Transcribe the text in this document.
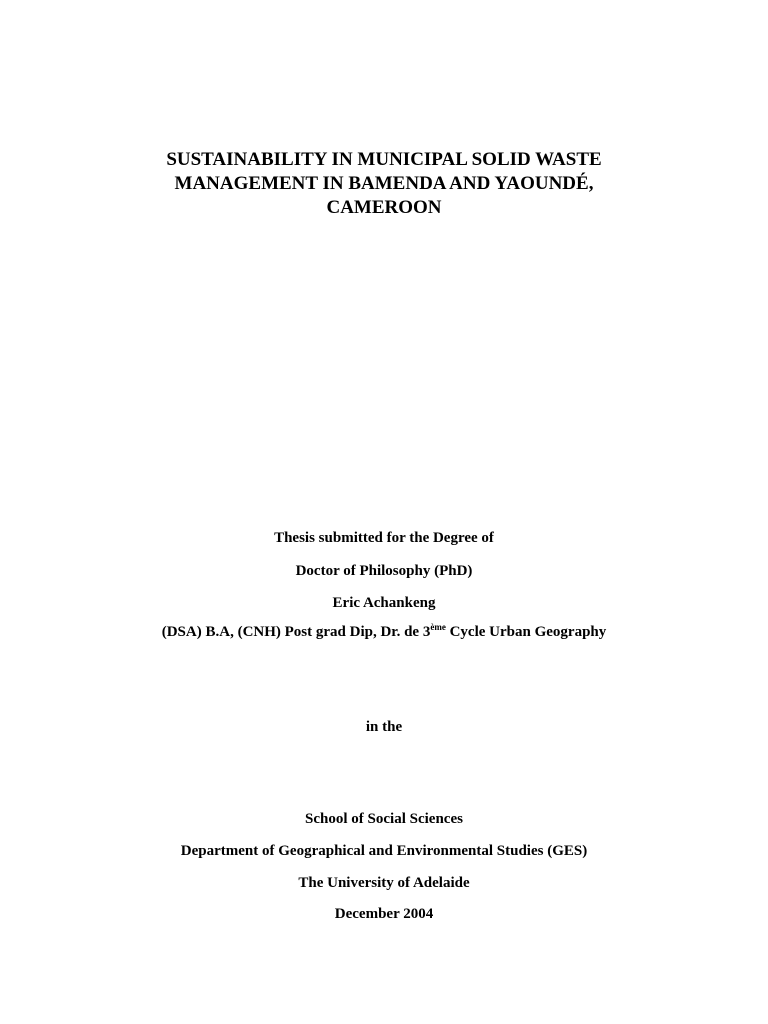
SUSTAINABILITY IN MUNICIPAL SOLID WASTE
MANAGEMENT IN BAMENDA AND YAOUNDÉ,
CAMEROON
Thesis submitted for the Degree of
Doctor of Philosophy (PhD)
Eric Achankeng
(DSA) B.A, (CNH) Post grad Dip, Dr. de 3ème Cycle Urban Geography
in the
School of Social Sciences
Department of Geographical and Environmental Studies (GES)
The University of Adelaide
December 2004
